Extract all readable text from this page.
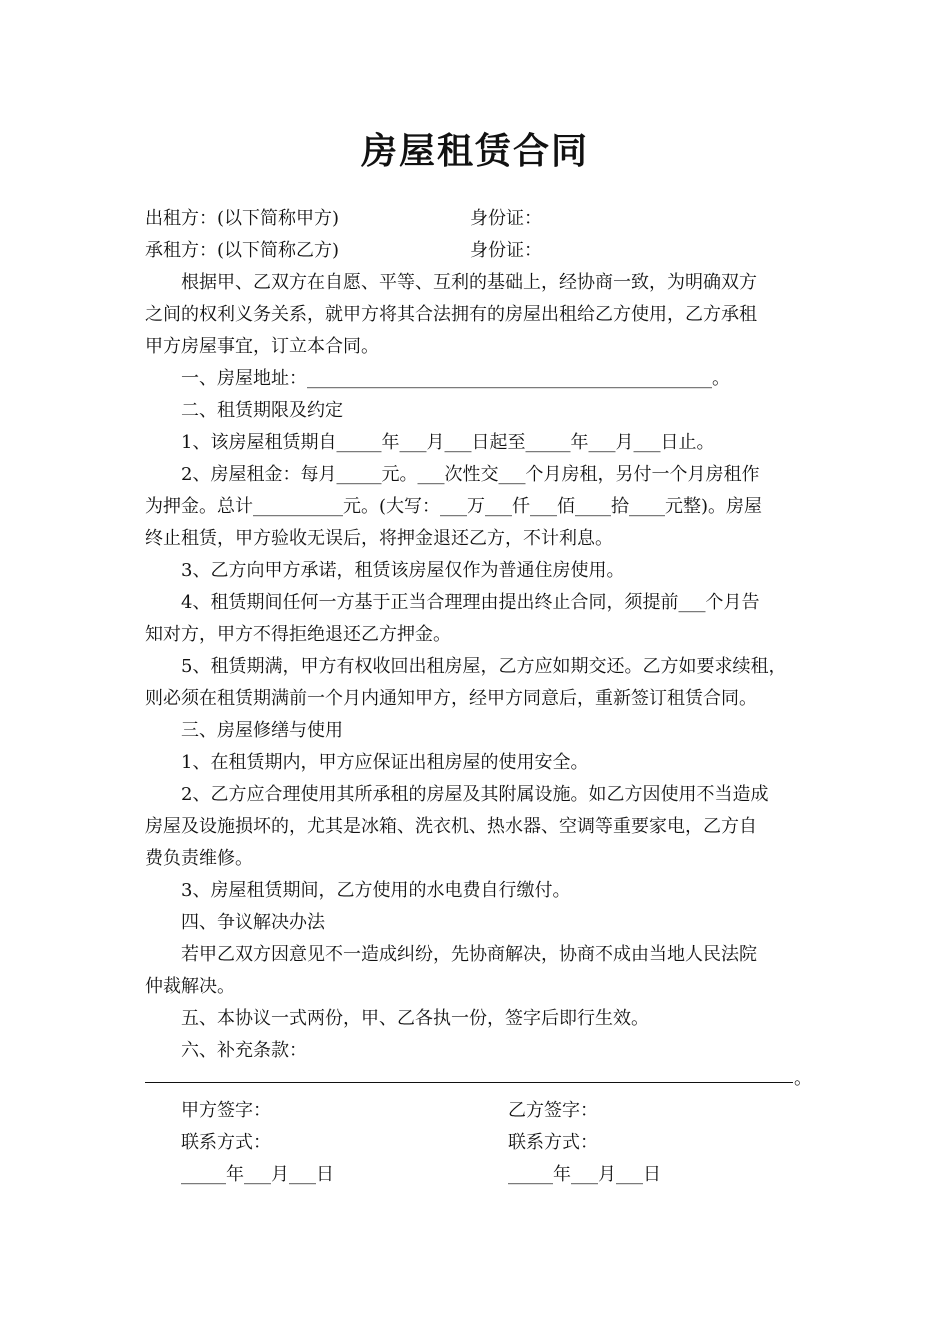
房屋租赁合同
出租方：(以下简称甲方)	身份证：
承租方：(以下简称乙方)	身份证：
根据甲、乙双方在自愿、平等、互利的基础上，经协商一致，为明确双方
之间的权利义务关系，就甲方将其合法拥有的房屋出租给乙方使用，乙方承租
甲方房屋事宜，订立本合同。
一、房屋地址：_____________________________________________。
二、租赁期限及约定
1、该房屋租赁期自_____年___月___日起至_____年___月___日止。
2、房屋租金：每月_____元。___次性交___个月房租，另付一个月房租作
为押金。总计__________元。(大写：___万___仟___佰____拾____元整)。房屋
终止租赁，甲方验收无误后，将押金退还乙方，不计利息。
3、乙方向甲方承诺，租赁该房屋仅作为普通住房使用。
4、租赁期间任何一方基于正当合理理由提出终止合同，须提前___个月告
知对方，甲方不得拒绝退还乙方押金。
5、租赁期满，甲方有权收回出租房屋，乙方应如期交还。乙方如要求续租，
则必须在租赁期满前一个月内通知甲方，经甲方同意后，重新签订租赁合同。
三、房屋修缮与使用
1、在租赁期内，甲方应保证出租房屋的使用安全。
2、乙方应合理使用其所承租的房屋及其附属设施。如乙方因使用不当造成
房屋及设施损坏的，尤其是冰箱、洗衣机、热水器、空调等重要家电，乙方自
费负责维修。
3、房屋租赁期间，乙方使用的水电费自行缴付。
四、争议解决办法
若甲乙双方因意见不一造成纠纷，先协商解决，协商不成由当地人民法院
仲裁解决。
五、本协议一式两份，甲、乙各执一份，签字后即行生效。
六、补充条款：
。
甲方签字：	乙方签字：
联系方式：	联系方式：
_____年___月___日	_____年___月___日
